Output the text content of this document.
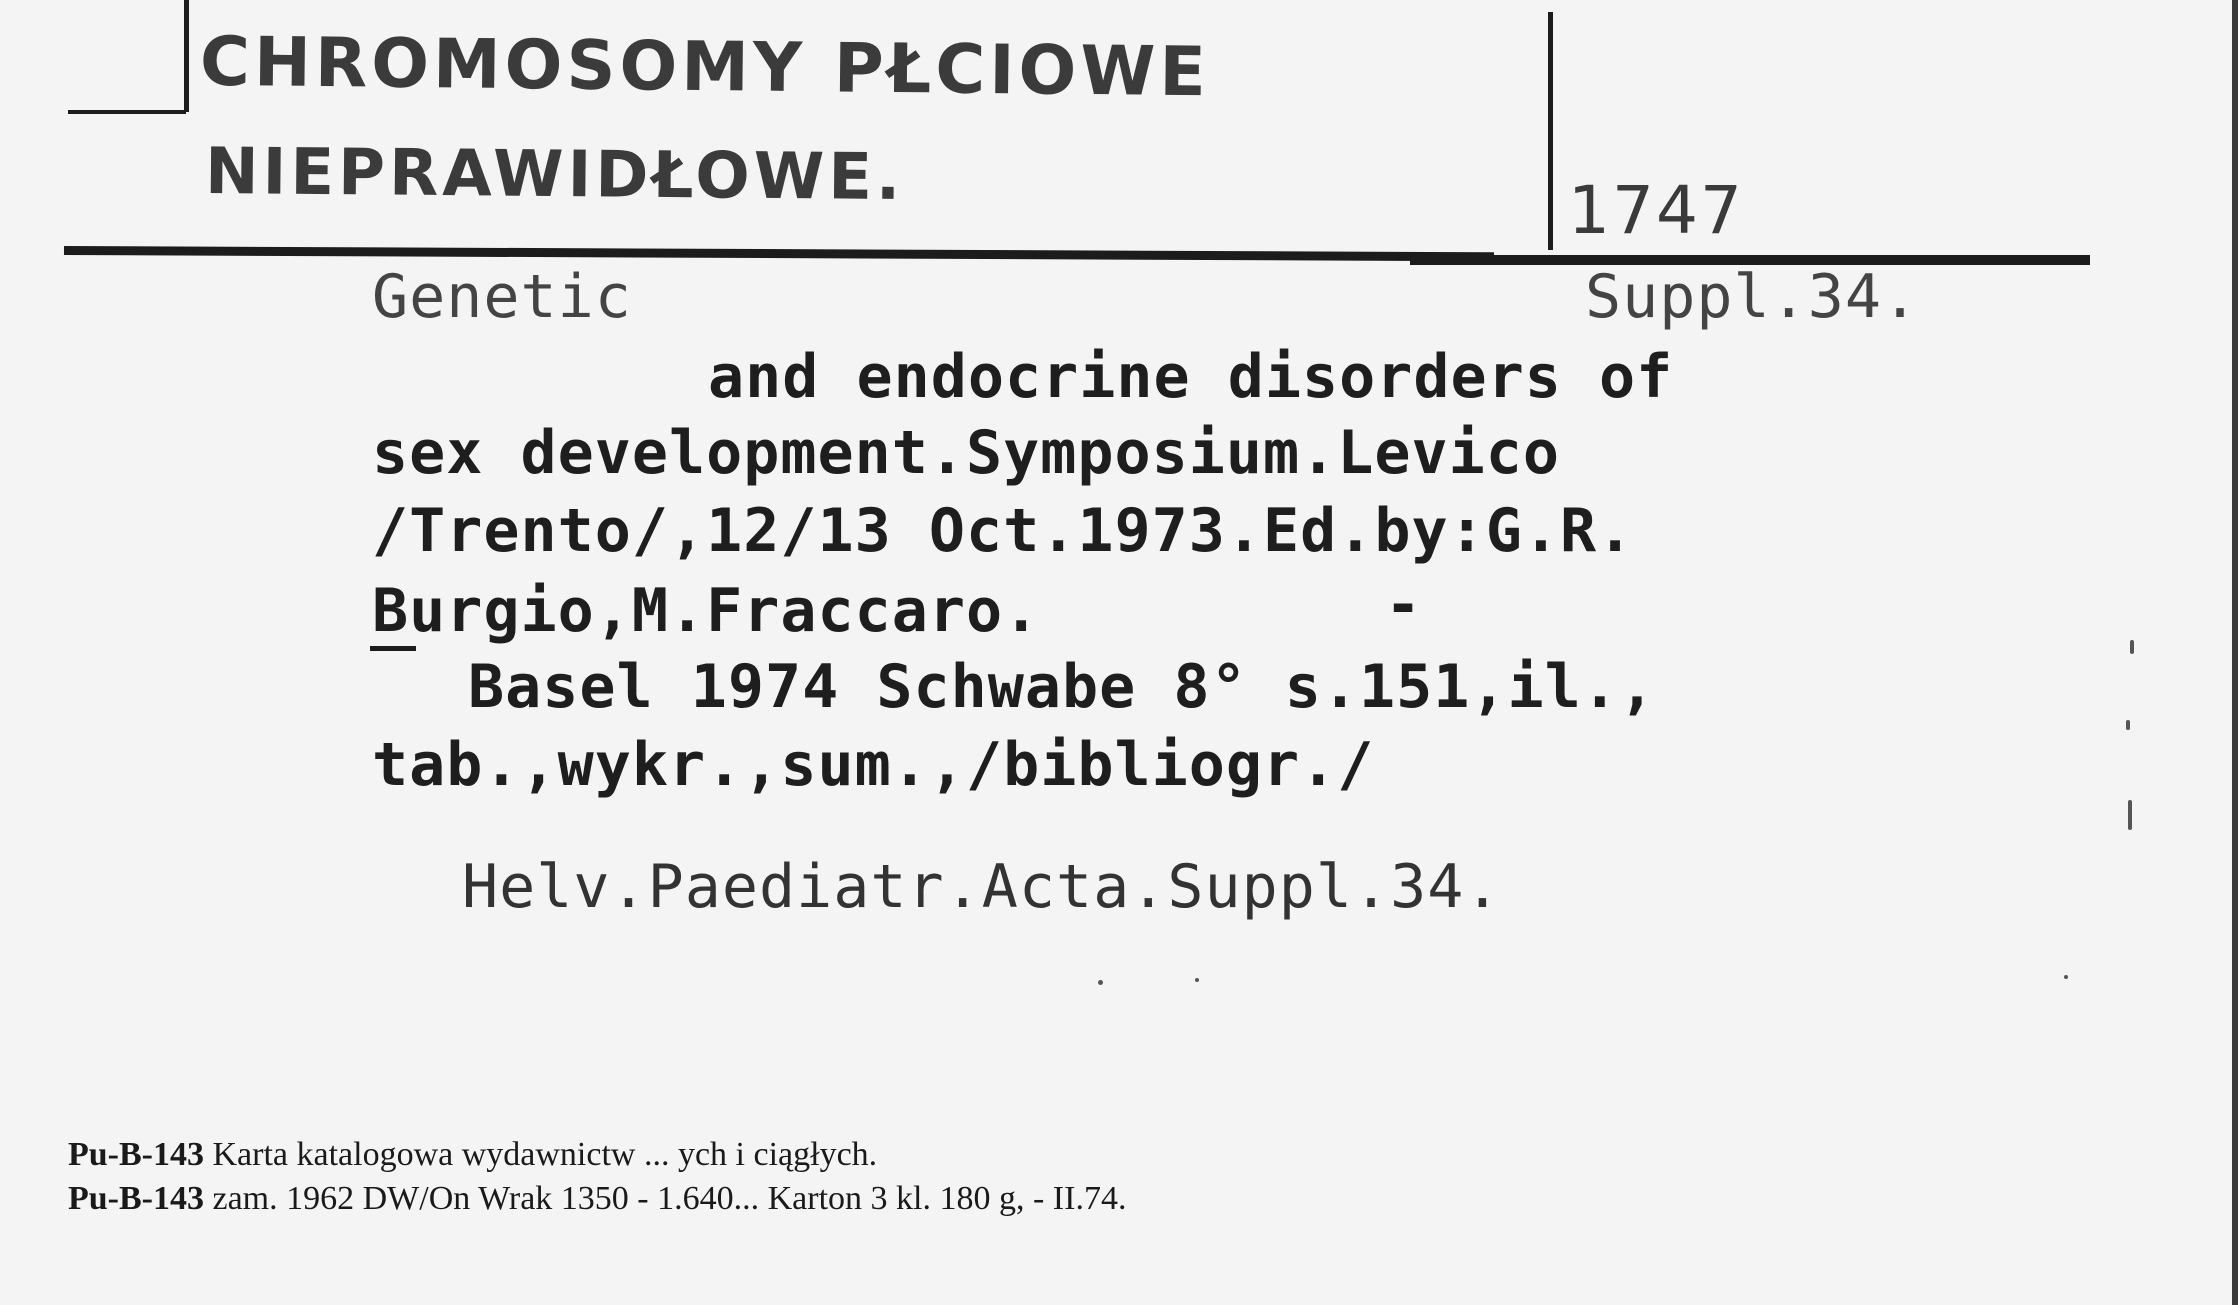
CHROMOSOMY PŁCIOWE
NIEPRAWIDŁOWE.	1747
Genetic	Suppl.34.
and endocrine disorders of
sex development.Symposium.Levico
/Trento/,12/13 Oct.1973.Ed.by:G.R.
Burgio,M.Fraccaro.	-
Basel 1974 Schwabe 8° s.151,il.,
tab.,wykr.,sum.,/bibliogr./
Helv.Paediatr.Acta.Suppl.34.
Pu-B-143 Karta katalogowa wydawnictw ... ych i ciągłych.
Pu-B-143 zam. 1962 DW/On Wrak 1350 - 1.640... Karton 3 kl. 180 g, - II.74.
